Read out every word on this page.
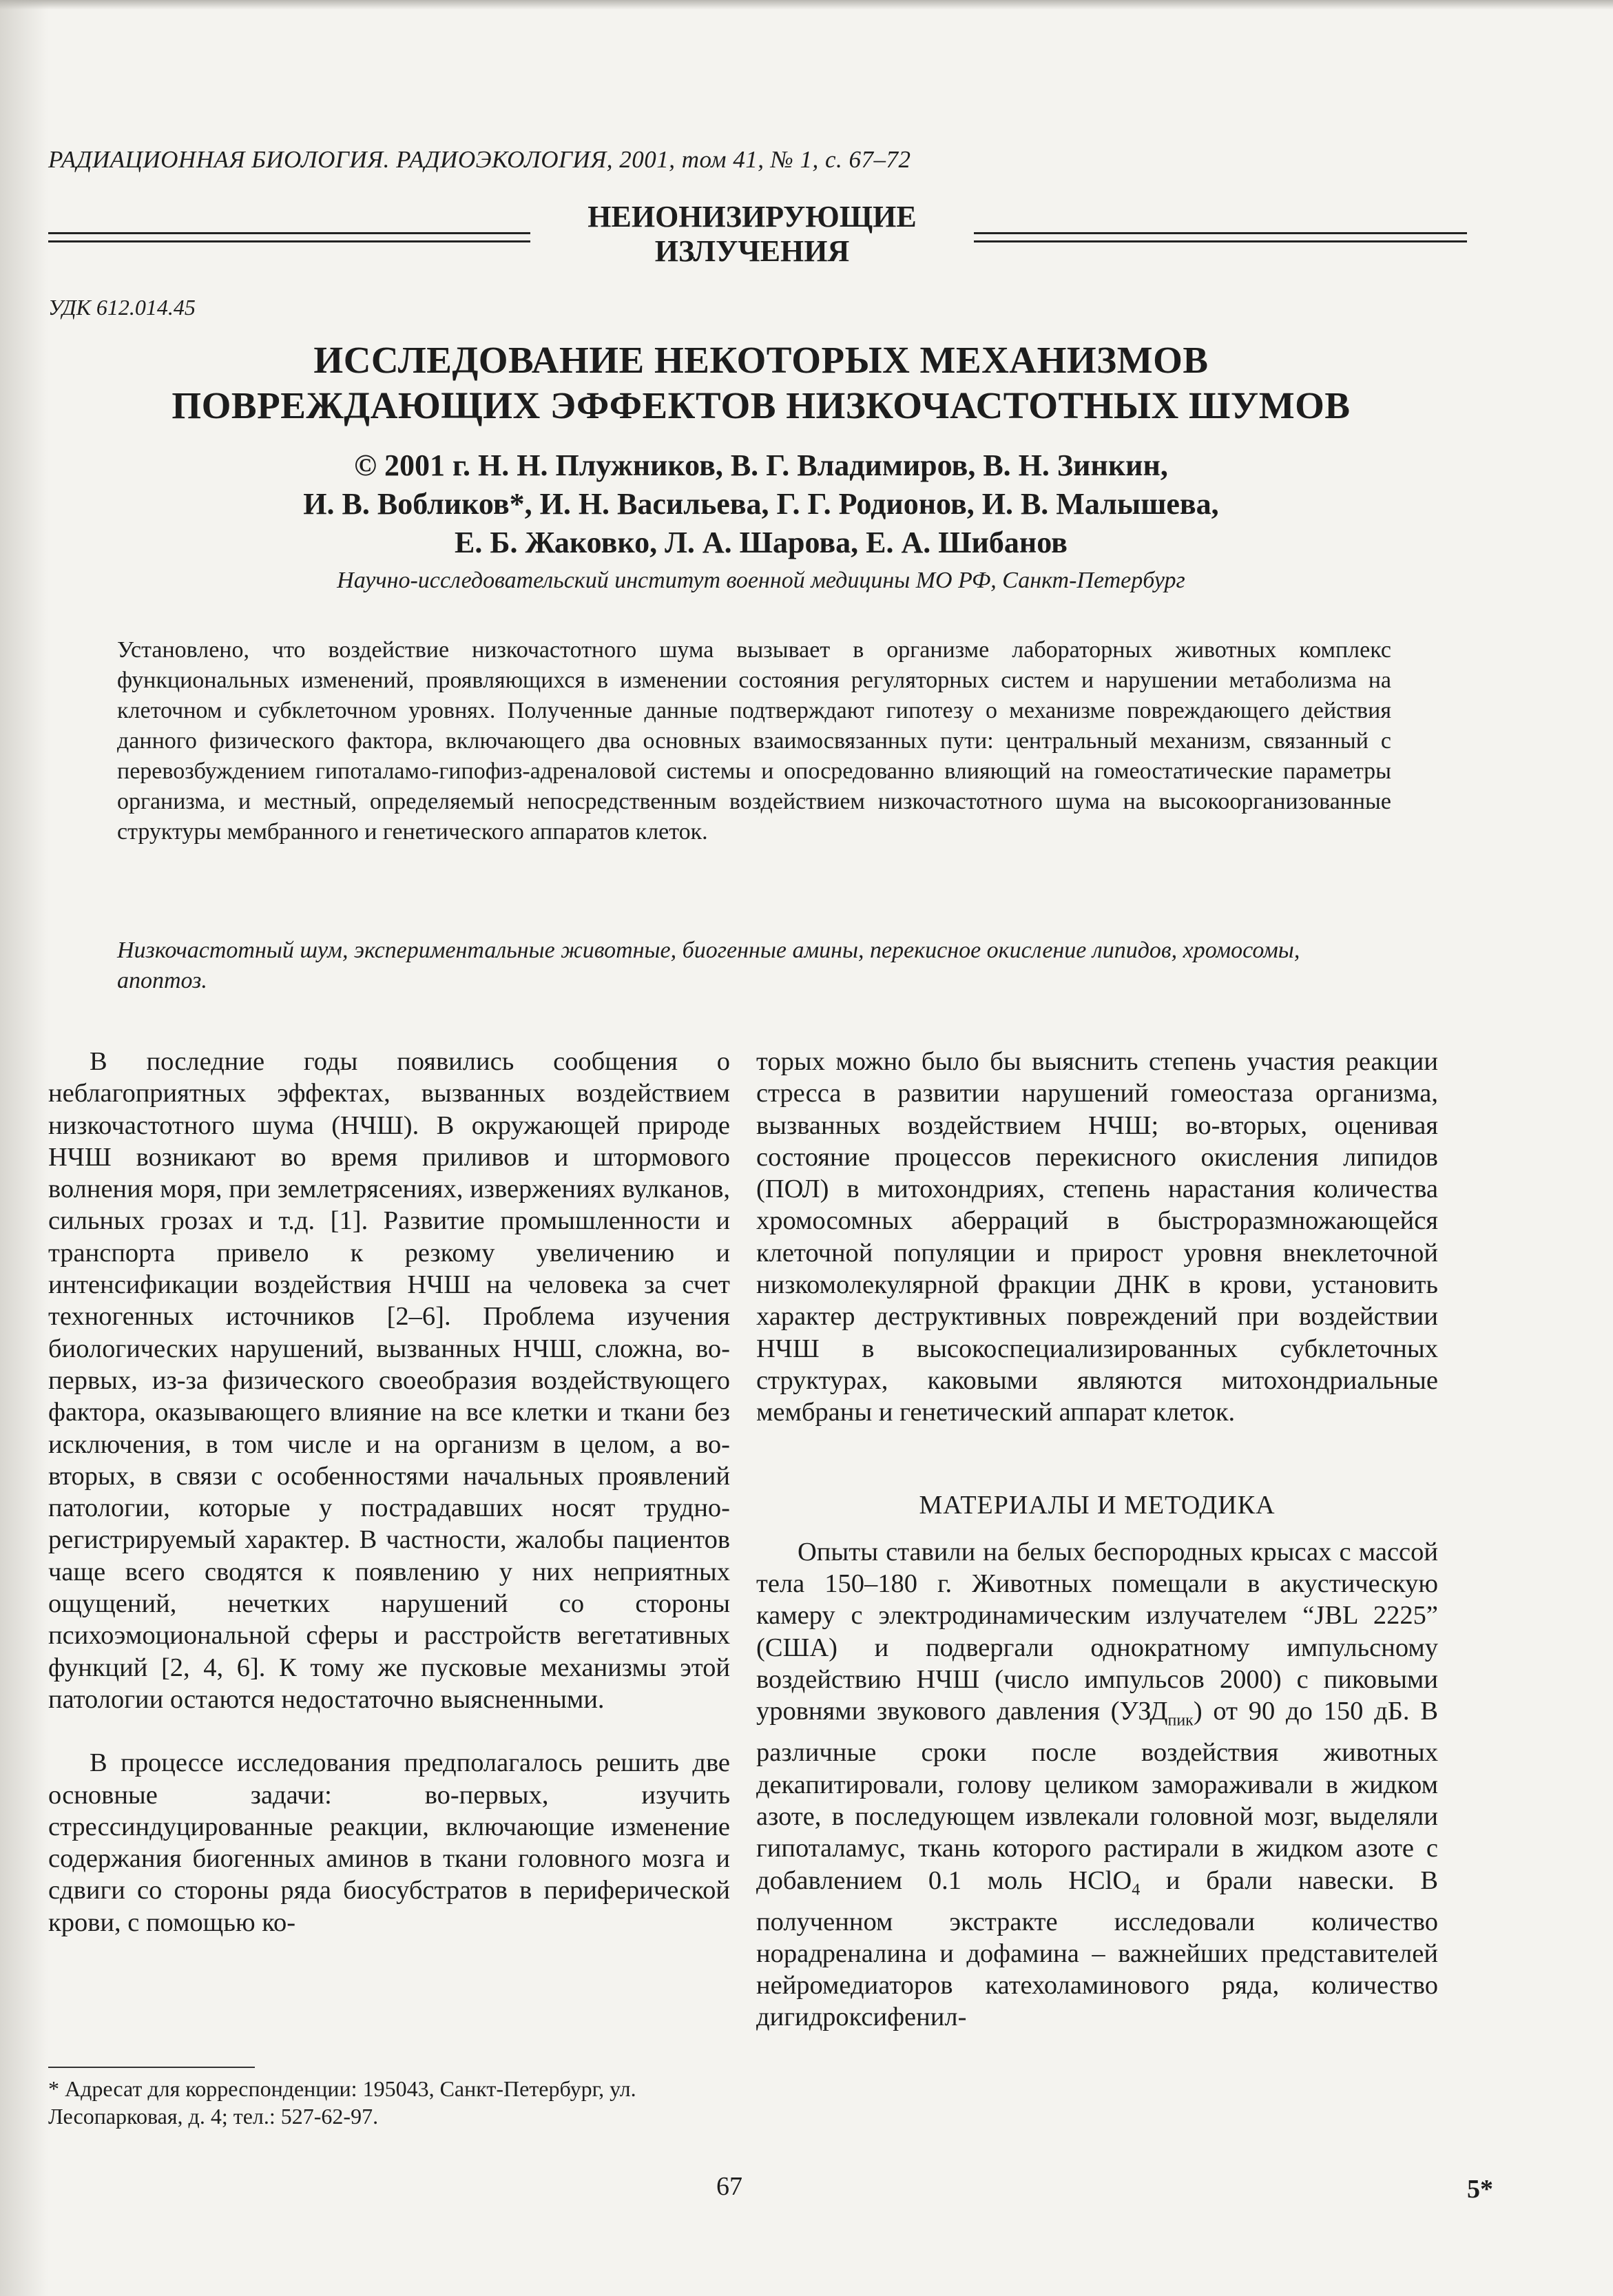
РАДИАЦИОННАЯ БИОЛОГИЯ. РАДИОЭКОЛОГИЯ, 2001, том 41, № 1, с. 67–72
НЕИОНИЗИРУЮЩИЕ
ИЗЛУЧЕНИЯ
УДК 612.014.45
ИССЛЕДОВАНИЕ НЕКОТОРЫХ МЕХАНИЗМОВ
ПОВРЕЖДАЮЩИХ ЭФФЕКТОВ НИЗКОЧАСТОТНЫХ ШУМОВ
© 2001 г. Н. Н. Плужников, В. Г. Владимиров, В. Н. Зинкин,
И. В. Вобликов*, И. Н. Васильева, Г. Г. Родионов, И. В. Малышева,
Е. Б. Жаковко, Л. А. Шарова, Е. А. Шибанов
Научно-исследовательский институт военной медицины МО РФ, Санкт-Петербург
Установлено, что воздействие низкочастотного шума вызывает в организме лабораторных животных комплекс функциональных изменений, проявляющихся в изменении состояния регуляторных систем и нарушении метаболизма на клеточном и субклеточном уровнях. Полученные данные подтверждают гипотезу о механизме повреждающего действия данного физического фактора, включающего два основных взаимосвязанных пути: центральный механизм, связанный с перевозбуждением гипоталамо-гипофиз-адреналовой системы и опосредованно влияющий на гомеостатические параметры организма, и местный, определяемый непосредственным воздействием низкочастотного шума на высокоорганизованные структуры мембранного и генетического аппаратов клеток.
Низкочастотный шум, экспериментальные животные, биогенные амины, перекисное окисление липидов, хромосомы, апоптоз.

В последние годы появились сообщения о неблагоприятных эффектах, вызванных воздействием низкочастотного шума (НЧШ). В окружающей природе НЧШ возникают во время приливов и штормового волнения моря, при землетрясениях, извержениях вулканов, сильных грозах и т.д. [1]. Развитие промышленности и транспорта привело к резкому увеличению и интенсификации воздействия НЧШ на человека за счет техногенных источников [2–6]. Проблема изучения биологических нарушений, вызванных НЧШ, сложна, во-первых, из-за физического своеобразия воздействующего фактора, оказывающего влияние на все клетки и ткани без исключения, в том числе и на организм в целом, а во-вторых, в связи с особенностями начальных проявлений патологии, которые у пострадавших носят труднорегистрируемый характер. В частности, жалобы пациентов чаще всего сводятся к появлению у них неприятных ощущений, нечетких нарушений со стороны психоэмоциональной сферы и расстройств вегетативных функций [2, 4, 6]. К тому же пусковые механизмы этой патологии остаются недостаточно выясненными.

В процессе исследования предполагалось решить две основные задачи: во-первых, изучить стрессиндуцированные реакции, включающие изменение содержания биогенных аминов в ткани головного мозга и сдвиги со стороны ряда биосубстратов в периферической крови, с помощью ко-

торых можно было бы выяснить степень участия реакции стресса в развитии нарушений гомеостаза организма, вызванных воздействием НЧШ; во-вторых, оценивая состояние процессов перекисного окисления липидов (ПОЛ) в митохондриях, степень нарастания количества хромосомных аберраций в быстроразмножающейся клеточной популяции и прирост уровня внеклеточной низкомолекулярной фракции ДНК в крови, установить характер деструктивных повреждений при воздействии НЧШ в высокоспециализированных субклеточных структурах, каковыми являются митохондриальные мембраны и генетический аппарат клеток.

МАТЕРИАЛЫ И МЕТОДИКА

Опыты ставили на белых беспородных крысах с массой тела 150–180 г. Животных помещали в акустическую камеру с электродинамическим излучателем “JBL 2225” (США) и подвергали однократному импульсному воздействию НЧШ (число импульсов 2000) с пиковыми уровнями звукового давления $(УЗД_{пик})$ от 90 до 150 дБ. В различные сроки после воздействия животных декапитировали, голову целиком замораживали в жидком азоте, в последующем извлекали головной мозг, выделяли гипоталамус, ткань которого растирали в жидком азоте с добавлением 0.1 моль HClO$_4$ и брали навески. В полученном экстракте исследовали количество норадреналина и дофамина – важнейших представителей нейромедиаторов катехоламинового ряда, количество дигидроксифенил-

* Адресат для корреспонденции: 195043, Санкт-Петербург, ул. Лесопарковая, д. 4; тел.: 527-62-97.
67	5*
